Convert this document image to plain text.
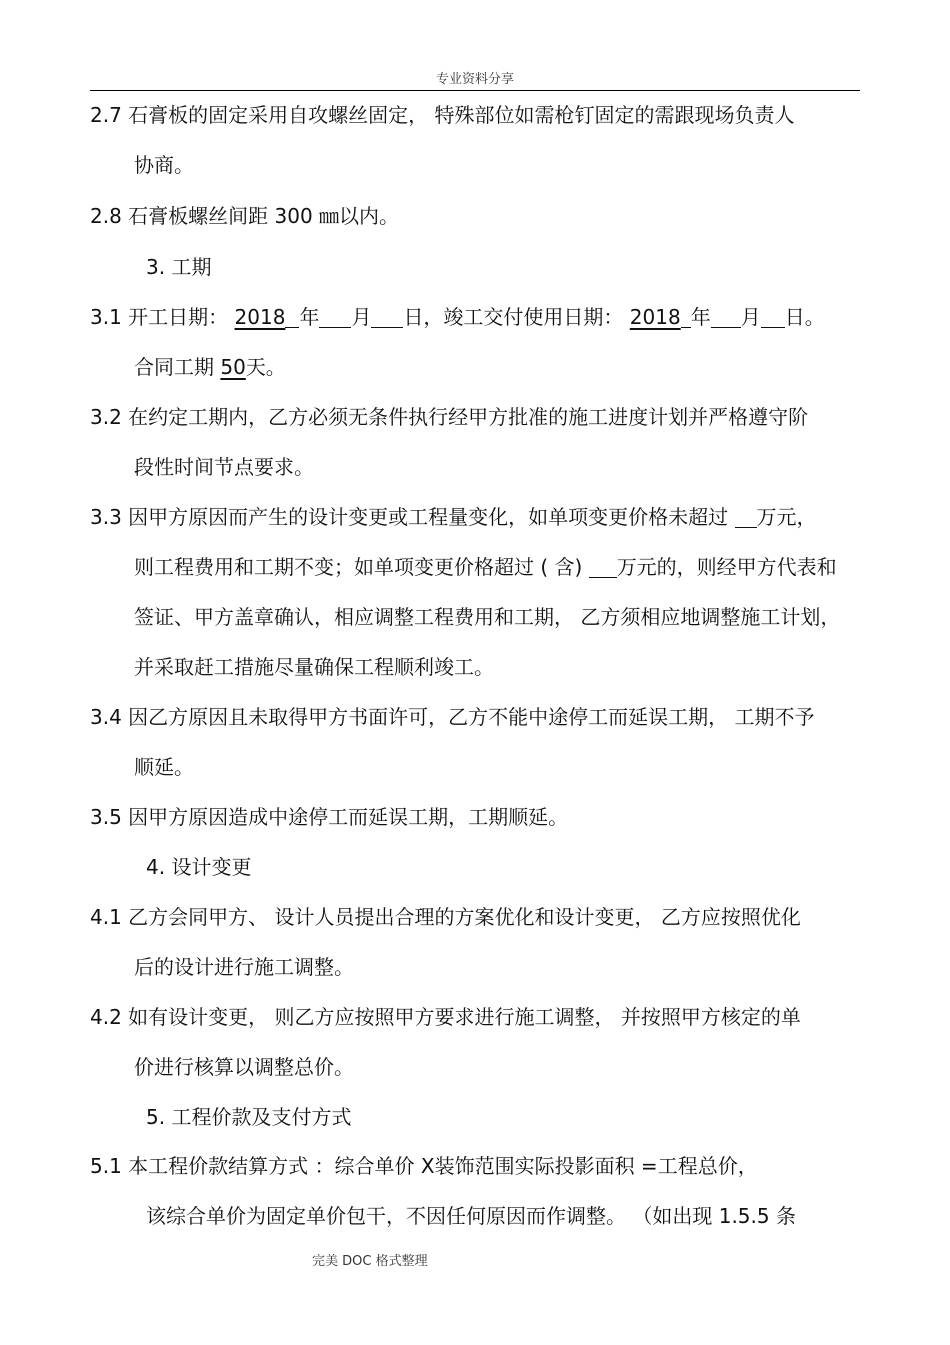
专业资料分享
2.7 石膏板的固定采用自攻螺丝固定， 特殊部位如需枪钉固定的需跟现场负责人
协商。
2.8 石膏板螺丝间距 300 ㎜以内。
3. 工期
3.1 开工日期： 2018 年 月 日，竣工交付使用日期： 2018 年 月 日。
合同工期 50天。
3.2 在约定工期内，乙方必须无条件执行经甲方批准的施工进度计划并严格遵守阶
段性时间节点要求。
3.3 因甲方原因而产生的设计变更或工程量变化，如单项变更价格未超过 万元，
则工程费用和工期不变；如单项变更价格超过 ( 含) 万元的，则经甲方代表和
签证、甲方盖章确认，相应调整工程费用和工期， 乙方须相应地调整施工计划，
并采取赶工措施尽量确保工程顺利竣工。
3.4 因乙方原因且未取得甲方书面许可，乙方不能中途停工而延误工期， 工期不予
顺延。
3.5 因甲方原因造成中途停工而延误工期，工期顺延。
4. 设计变更
4.1 乙方会同甲方、 设计人员提出合理的方案优化和设计变更， 乙方应按照优化
后的设计进行施工调整。
4.2 如有设计变更， 则乙方应按照甲方要求进行施工调整， 并按照甲方核定的单
价进行核算以调整总价。
5. 工程价款及支付方式
5.1 本工程价款结算方式 ：综合单价 X装饰范围实际投影面积 =工程总价，
该综合单价为固定单价包干，不因任何原因而作调整。 （如出现 1.5.5 条
完美 DOC 格式整理
